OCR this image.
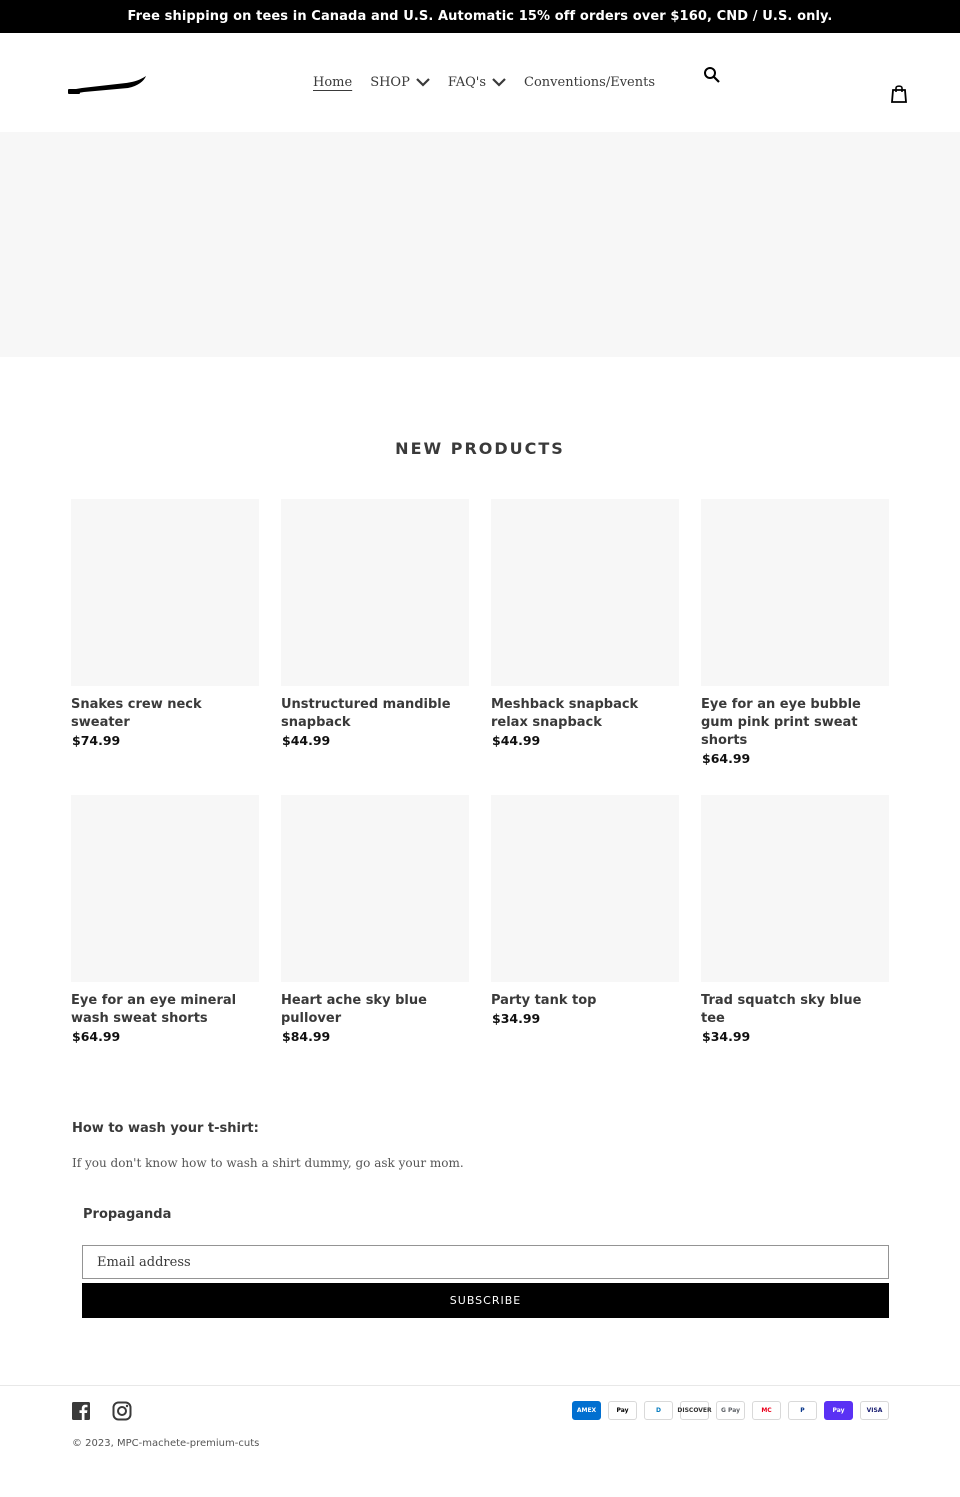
Free shipping on tees in Canada and U.S. Automatic 15% off orders over $160, CND / U.S. only.
Home SHOP	FAQ's	Conventions/Events
NEW PRODUCTS
Snakes crew neck sweater
$74.99
Unstructured mandible snapback
$44.99
Meshback snapback relax snapback
$44.99
Eye for an eye bubble gum pink print sweat shorts
$64.99
Eye for an eye mineral wash sweat shorts
$64.99
Heart ache sky blue pullover
$84.99
Party tank top
$34.99
Trad squatch sky blue tee
$34.99
How to wash your t-shirt:
If you don't know how to wash a shirt dummy, go ask your mom.
Propaganda
Email address
SUBSCRIBE
AMEX	Pay	D	DISCOVER	G Pay	MC	P	Pay	VISA
© 2023, MPC-machete-premium-cuts
